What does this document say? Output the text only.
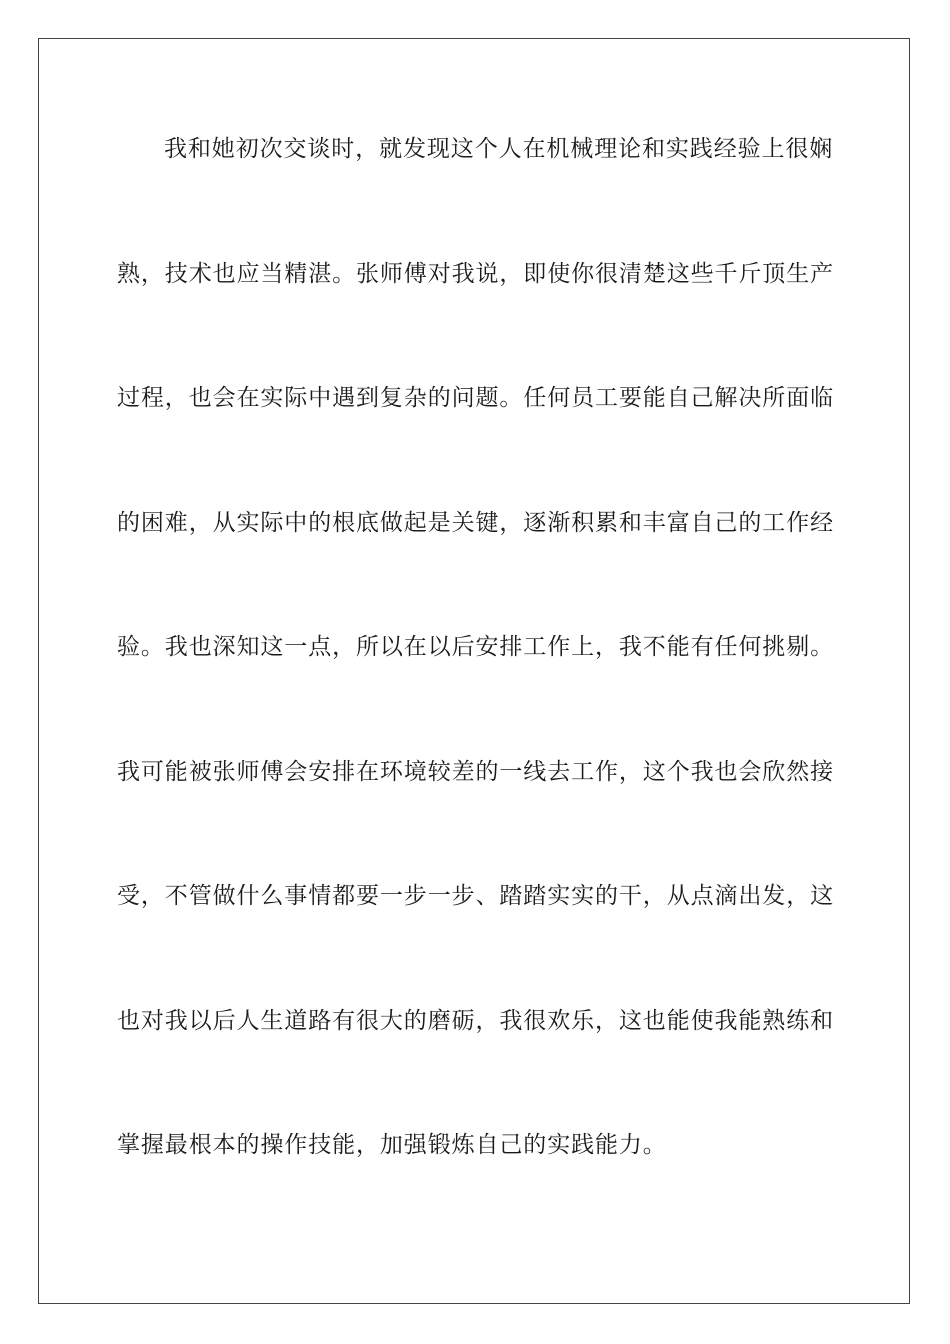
我和她初次交谈时，就发现这个人在机械理论和实践经验上很娴
熟，技术也应当精湛。张师傅对我说，即使你很清楚这些千斤顶生产
过程，也会在实际中遇到复杂的问题。任何员工要能自己解决所面临
的困难，从实际中的根底做起是关键，逐渐积累和丰富自己的工作经
验。我也深知这一点，所以在以后安排工作上，我不能有任何挑剔。
我可能被张师傅会安排在环境较差的一线去工作，这个我也会欣然接
受，不管做什么事情都要一步一步、踏踏实实的干，从点滴出发，这
也对我以后人生道路有很大的磨砺，我很欢乐，这也能使我能熟练和
掌握最根本的操作技能，加强锻炼自己的实践能力。
